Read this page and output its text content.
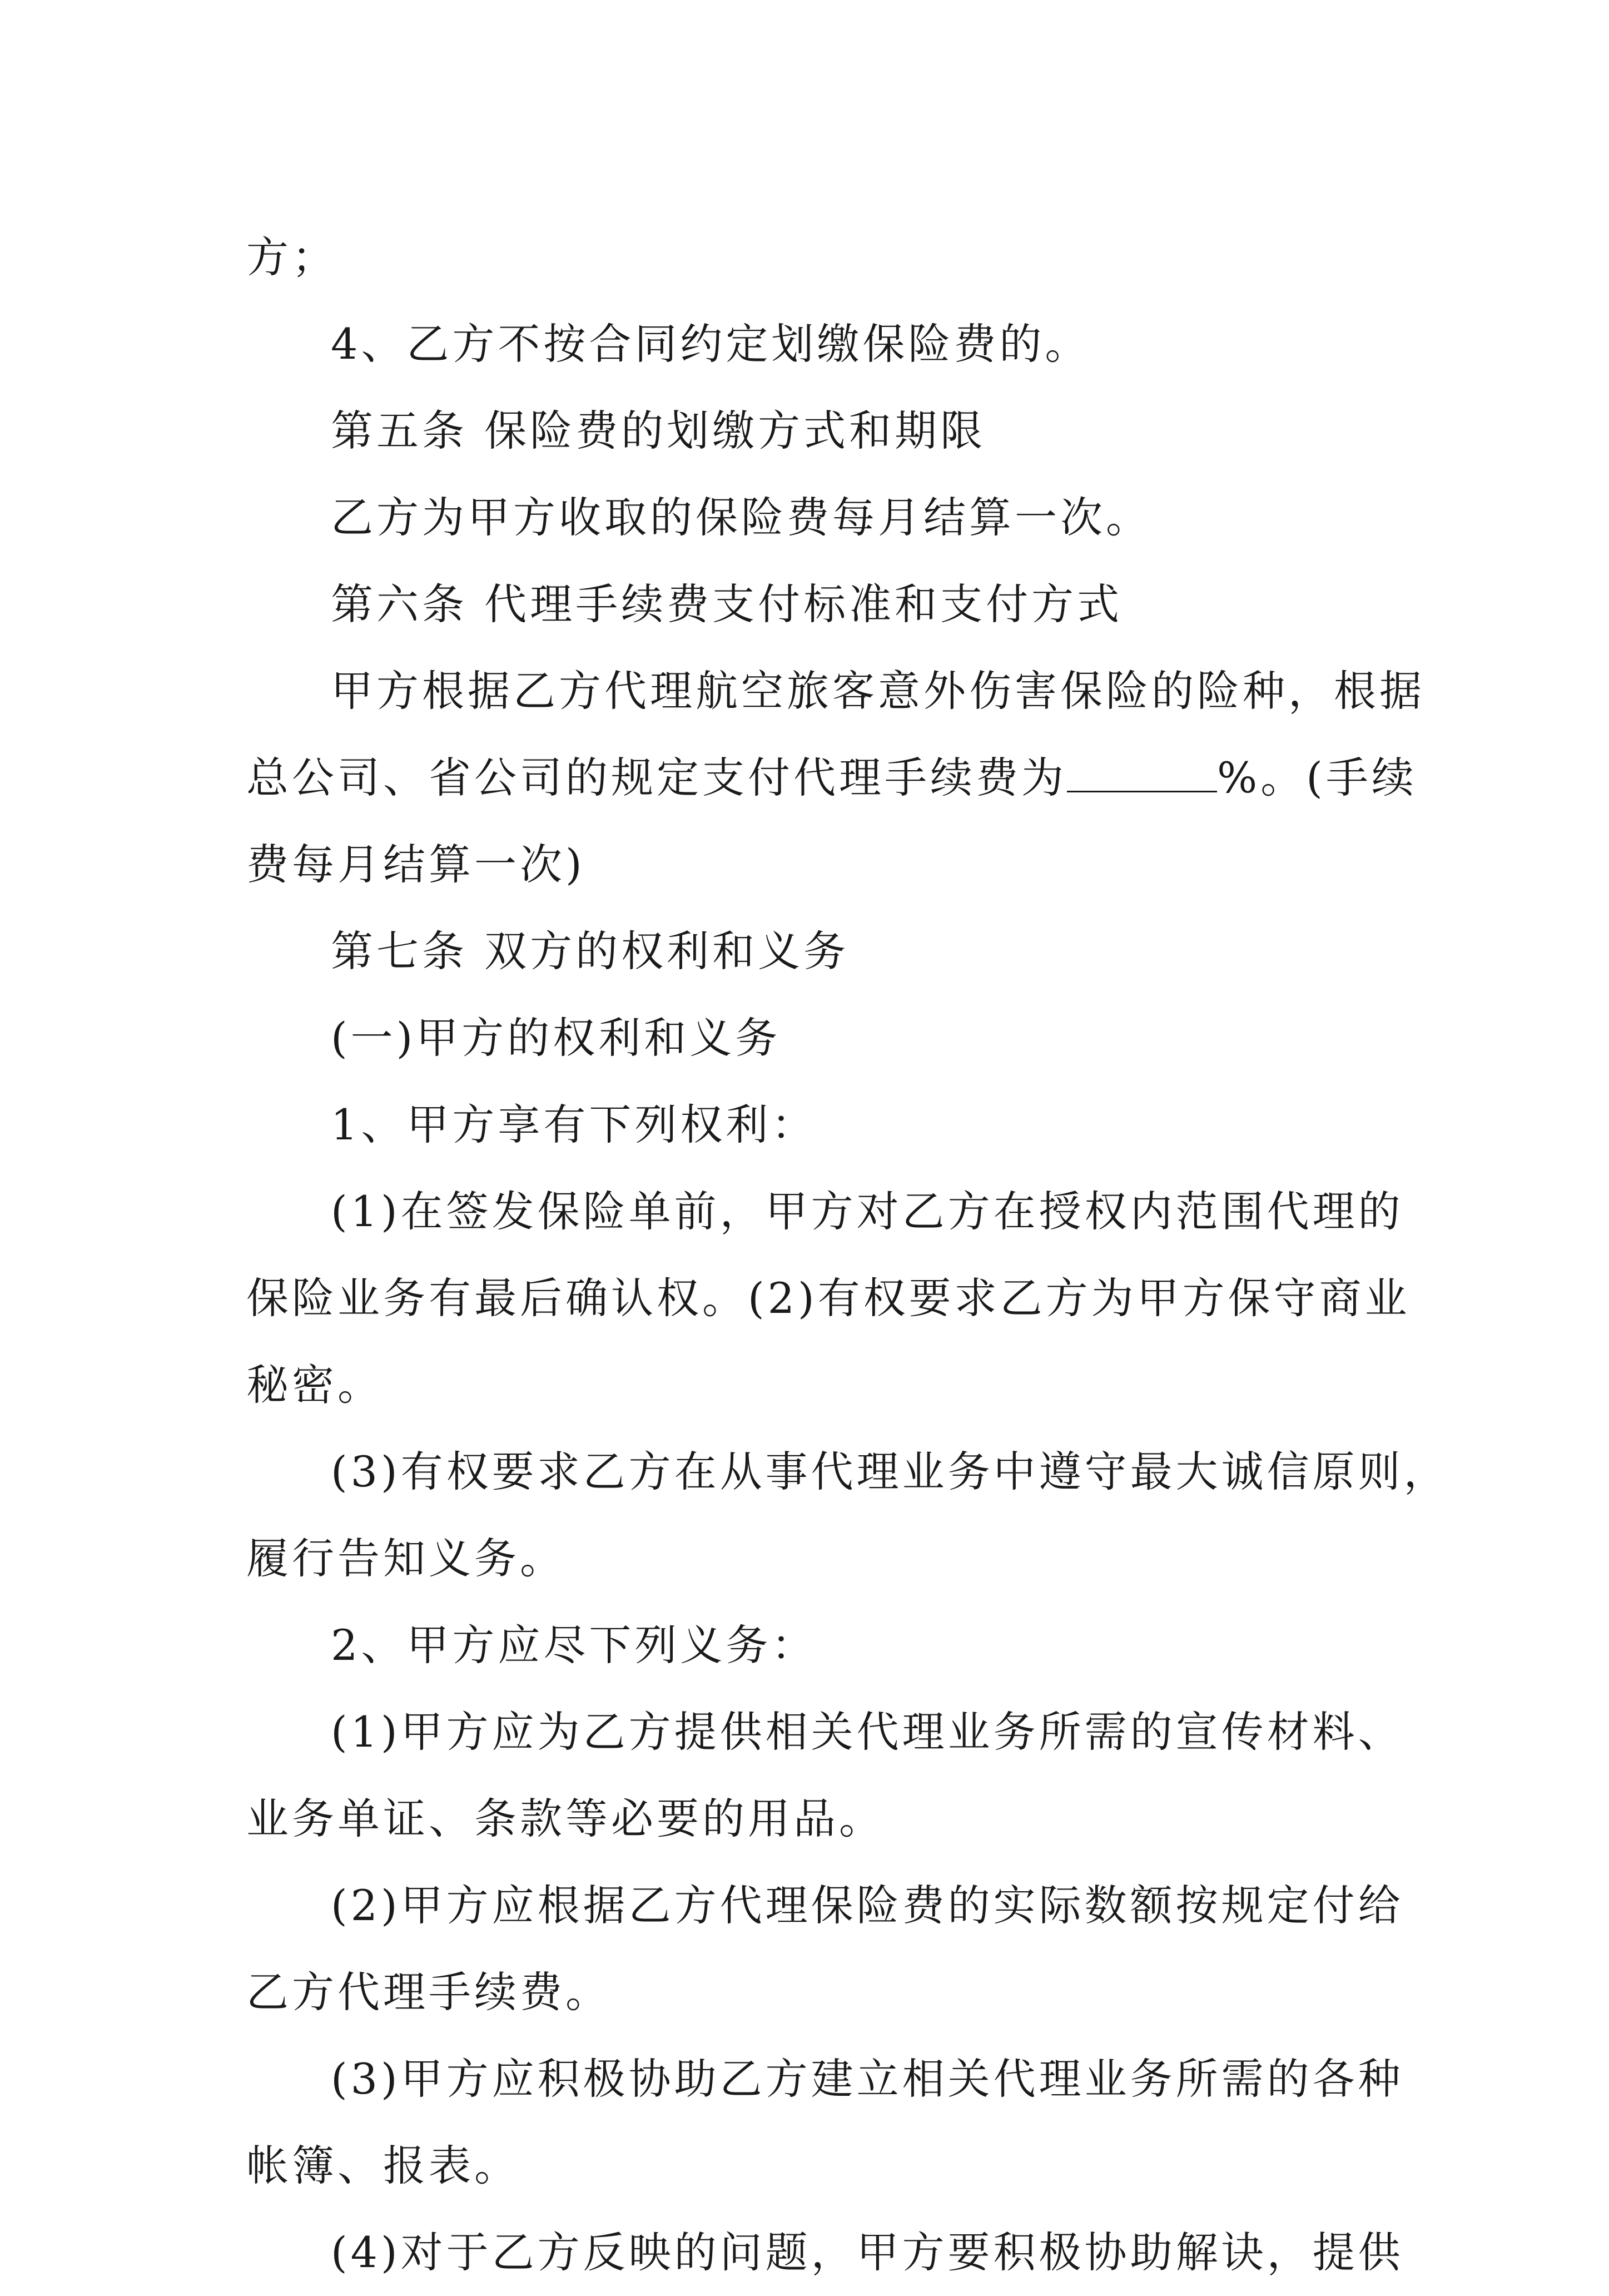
方；
4、乙方不按合同约定划缴保险费的。
第五条 保险费的划缴方式和期限
乙方为甲方收取的保险费每月结算一次。
第六条 代理手续费支付标准和支付方式
甲方根据乙方代理航空旅客意外伤害保险的险种，根据
总公司、省公司的规定支付代理手续费为	%。(手续
费每月结算一次)
第七条 双方的权利和义务
(一)甲方的权利和义务
1、甲方享有下列权利：
(1)在签发保险单前，甲方对乙方在授权内范围代理的
保险业务有最后确认权。(2)有权要求乙方为甲方保守商业
秘密。
(3)有权要求乙方在从事代理业务中遵守最大诚信原则，
履行告知义务。
2、甲方应尽下列义务：
(1)甲方应为乙方提供相关代理业务所需的宣传材料、
业务单证、条款等必要的用品。
(2)甲方应根据乙方代理保险费的实际数额按规定付给
乙方代理手续费。
(3)甲方应积极协助乙方建立相关代理业务所需的各种
帐簿、报表。
(4)对于乙方反映的问题，甲方要积极协助解诀，提供
